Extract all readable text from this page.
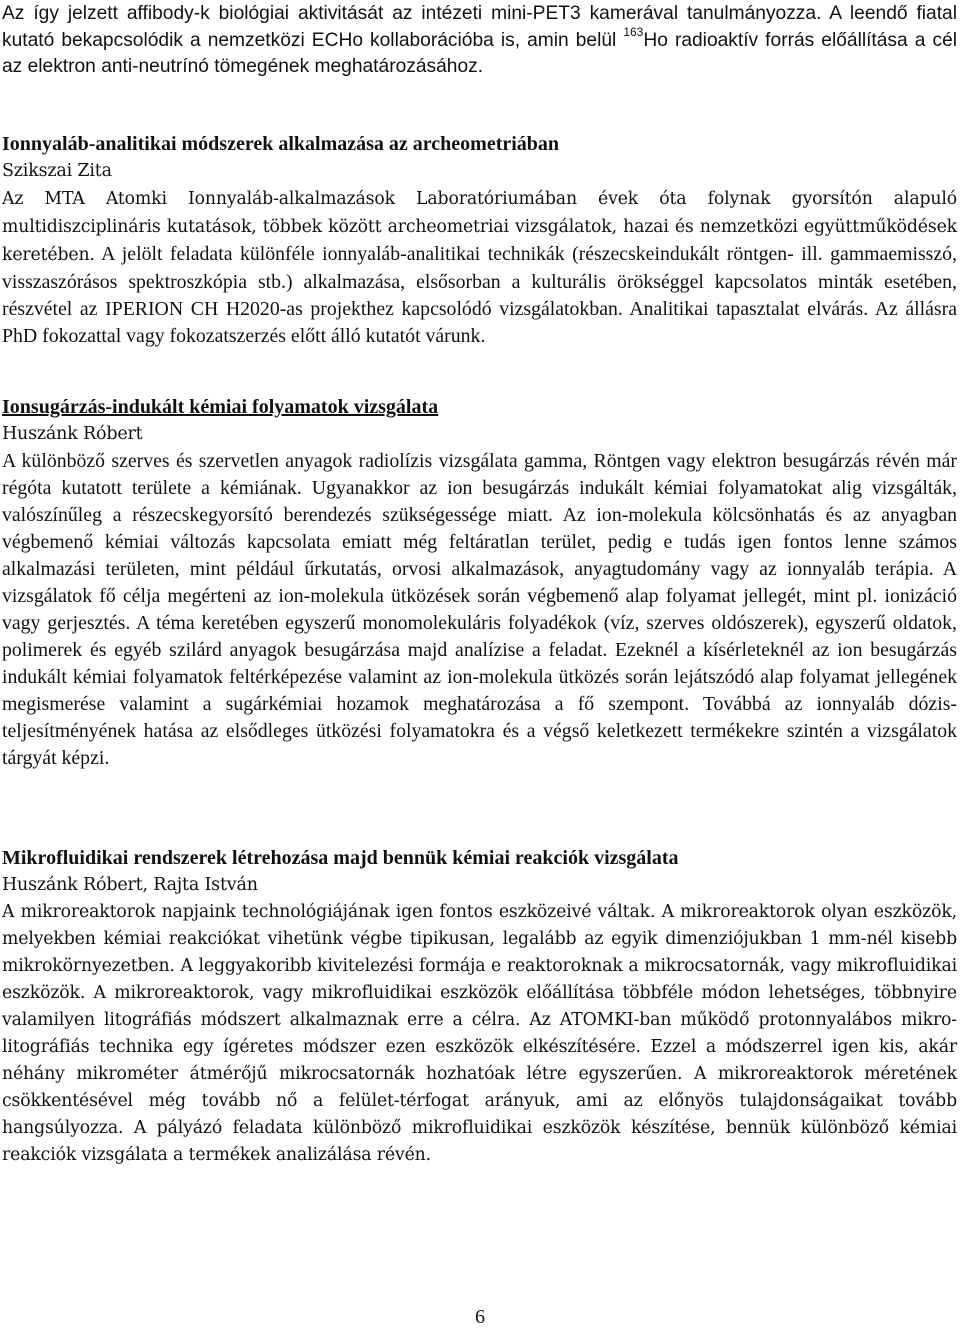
Az így jelzett affibody-k biológiai aktivitását az intézeti mini-PET3 kamerával tanulmányozza. A leendő fiatal kutató bekapcsolódik a nemzetközi ECHo kollaborációba is, amin belül $^{163}$Ho radioaktív forrás előállítása a cél az elektron anti-neutrínó tömegének meghatározásához.

Ionnyaláb-analitikai módszerek alkalmazása az archeometriában

Szikszai Zita

Az MTA Atomki Ionnyaláb-alkalmazások Laboratóriumában évek óta folynak gyorsítón alapuló multidiszciplináris kutatások, többek között archeometriai vizsgálatok, hazai és nemzetközi együttműködések keretében. A jelölt feladata különféle ionnyaláb-analitikai technikák (részecskeindukált röntgen- ill. gammaemisszó, visszaszórásos spektroszkópia stb.) alkalmazása, elsősorban a kulturális örökséggel kapcsolatos minták esetében, részvétel az IPERION CH H2020-as projekthez kapcsolódó vizsgálatokban. Analitikai tapasztalat elvárás. Az állásra PhD fokozattal vagy fokozatszerzés előtt álló kutatót várunk.

Ionsugárzás-indukált kémiai folyamatok vizsgálata

Huszánk Róbert

A különböző szerves és szervetlen anyagok radiolízis vizsgálata gamma, Röntgen vagy elektron besugárzás révén már régóta kutatott területe a kémiának. Ugyanakkor az ion besugárzás indukált kémiai folyamatokat alig vizsgálták, valószínűleg a részecskegyorsító berendezés szükségessége miatt. Az ion-molekula kölcsönhatás és az anyagban végbemenő kémiai változás kapcsolata emiatt még feltáratlan terület, pedig e tudás igen fontos lenne számos alkalmazási területen, mint például űrkutatás, orvosi alkalmazások, anyagtudomány vagy az ionnyaláb terápia. A vizsgálatok fő célja megérteni az ion-molekula ütközések során végbemenő alap folyamat jellegét, mint pl. ionizáció vagy gerjesztés. A téma keretében egyszerű monomolekuláris folyadékok (víz, szerves oldószerek), egyszerű oldatok, polimerek és egyéb szilárd anyagok besugárzása majd analízise a feladat. Ezeknél a kísérleteknél az ion besugárzás indukált kémiai folyamatok feltérképezése valamint az ion-molekula ütközés során lejátszódó alap folyamat jellegének megismerése valamint a sugárkémiai hozamok meghatározása a fő szempont. Továbbá az ionnyaláb dózis-teljesítményének hatása az elsődleges ütközési folyamatokra és a végső keletkezett termékekre szintén a vizsgálatok tárgyát képzi.

Mikrofluidikai rendszerek létrehozása majd bennük kémiai reakciók vizsgálata

Huszánk Róbert, Rajta István

A mikroreaktorok napjaink technológiájának igen fontos eszközeivé váltak. A mikroreaktorok olyan eszközök, melyekben kémiai reakciókat vihetünk végbe tipikusan, legalább az egyik dimenziójukban 1 mm-nél kisebb mikrokörnyezetben. A leggyakoribb kivitelezési formája e reaktoroknak a mikrocsatornák, vagy mikrofluidikai eszközök. A mikroreaktorok, vagy mikrofluidikai eszközök előállítása többféle módon lehetséges, többnyire valamilyen litográfiás módszert alkalmaznak erre a célra. Az ATOMKI-ban működő protonnyalábos mikro-litográfiás technika egy ígéretes módszer ezen eszközök elkészítésére. Ezzel a módszerrel igen kis, akár néhány mikrométer átmérőjű mikrocsatornák hozhatóak létre egyszerűen. A mikroreaktorok méretének csökkentésével még tovább nő a felület-térfogat arányuk, ami az előnyös tulajdonságaikat tovább hangsúlyozza. A pályázó feladata különböző mikrofluidikai eszközök készítése, bennük különböző kémiai reakciók vizsgálata a termékek analizálása révén.

6
